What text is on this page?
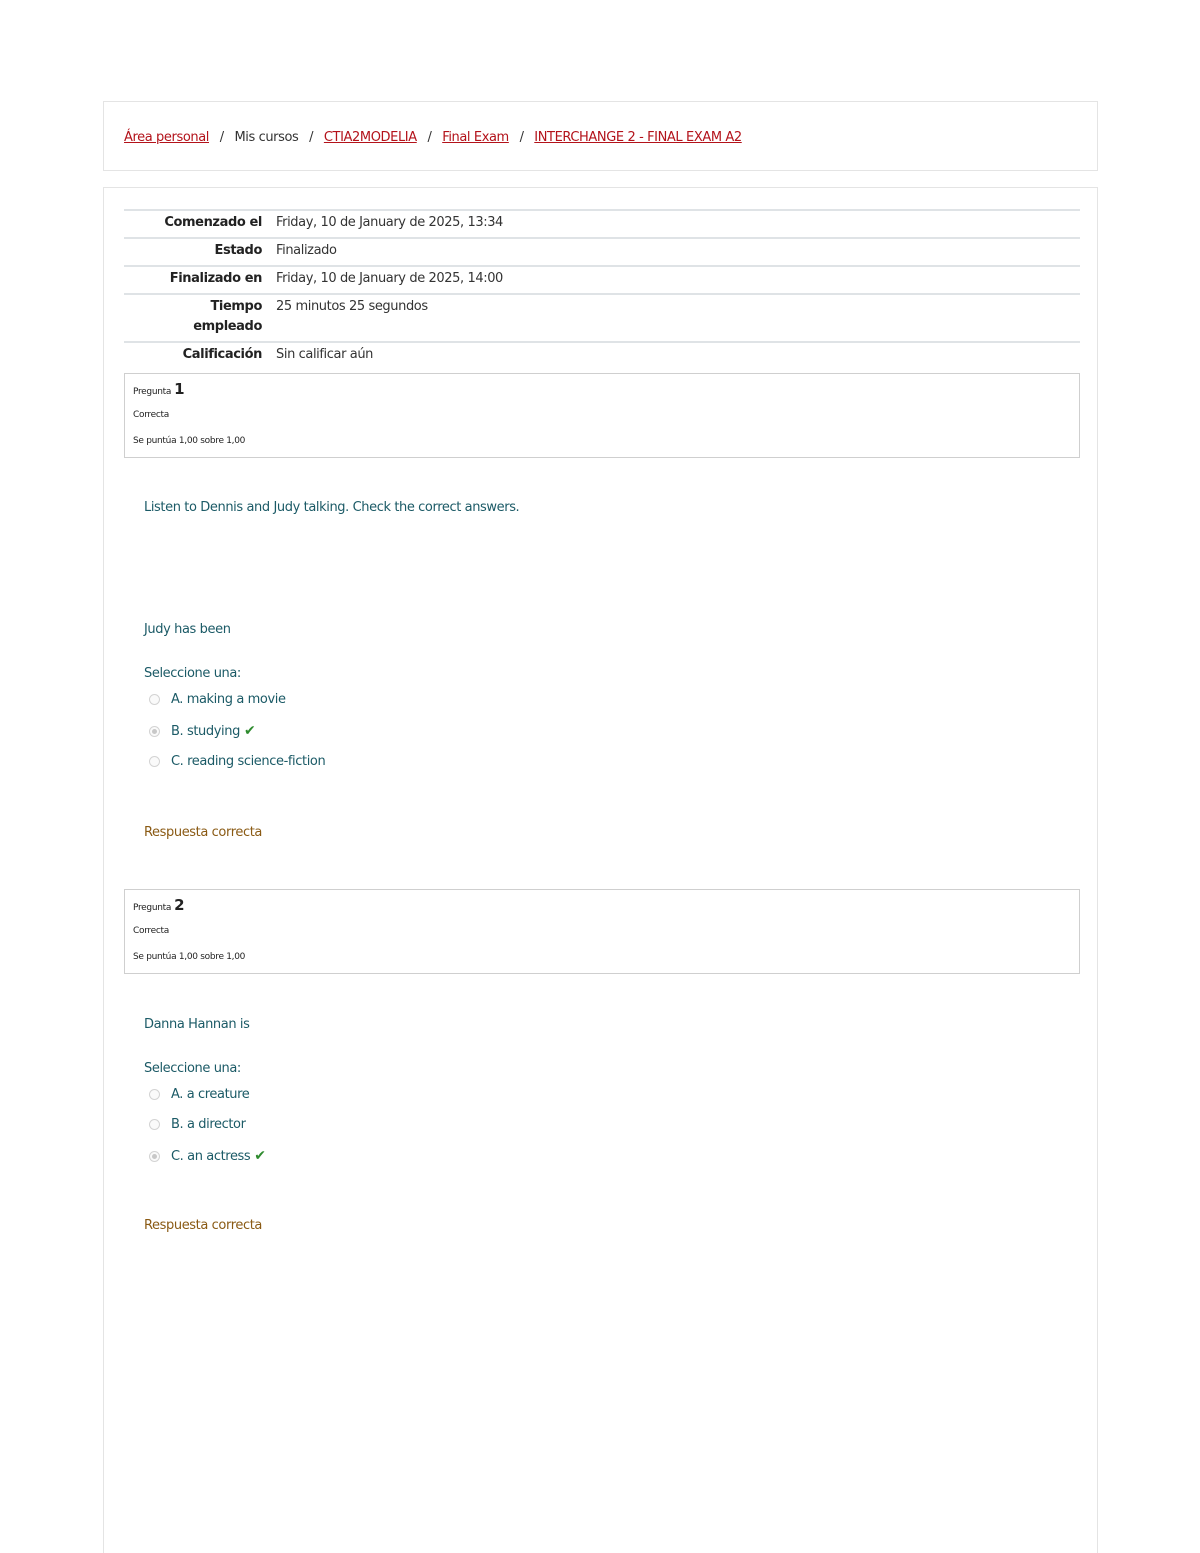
Área personal / Mis cursos / CTIA2MODELIA / Final Exam / INTERCHANGE 2 - FINAL EXAM A2
Comenzado el	Friday, 10 de January de 2025, 13:34
Estado	Finalizado
Finalizado en	Friday, 10 de January de 2025, 14:00
Tiempo
empleado	25 minutos 25 segundos
Calificación	Sin calificar aún
Pregunta 1
Correcta
Se puntúa 1,00 sobre 1,00
Listen to Dennis and Judy talking. Check the correct answers.
Judy has been
Seleccione una:
A. making a movie
B. studying ✔
C. reading science-fiction
Respuesta correcta
Pregunta 2
Correcta
Se puntúa 1,00 sobre 1,00
Danna Hannan is
Seleccione una:
A. a creature
B. a director
C. an actress ✔
Respuesta correcta
